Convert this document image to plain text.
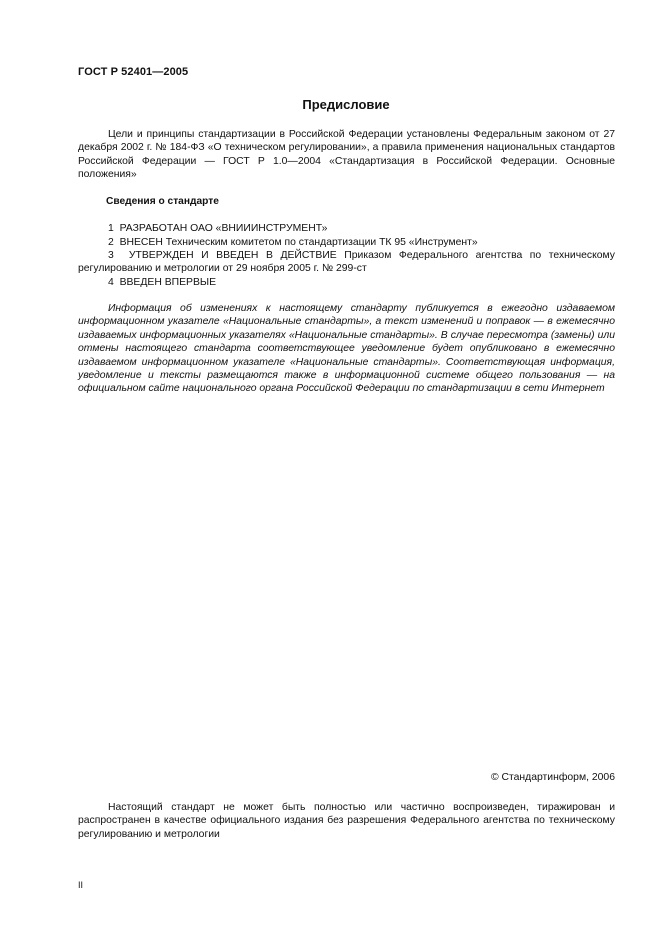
ГОСТ Р 52401—2005
Предисловие

Цели и принципы стандартизации в Российской Федерации установлены Федеральным законом от 27 декабря 2002 г. № 184-ФЗ «О техническом регулировании», а правила применения национальных стандартов Российской Федерации — ГОСТ Р 1.0—2004 «Стандартизация в Российской Федерации. Основные положения»

Сведения о стандарте
1 РАЗРАБОТАН ОАО «ВНИИИНСТРУМЕНТ»
2 ВНЕСЕН Техническим комитетом по стандартизации ТК 95 «Инструмент»
3 УТВЕРЖДЕН И ВВЕДЕН В ДЕЙСТВИЕ Приказом Федерального агентства по техническому регулированию и метрологии от 29 ноября 2005 г. № 299-ст
4 ВВЕДЕН ВПЕРВЫЕ

Информация об изменениях к настоящему стандарту публикуется в ежегодно издаваемом информационном указателе «Национальные стандарты», а текст изменений и поправок — в ежемесячно издаваемых информационных указателях «Национальные стандарты». В случае пересмотра (замены) или отмены настоящего стандарта соответствующее уведомление будет опубликовано в ежемесячно издаваемом информационном указателе «Национальные стандарты». Соответствующая информация, уведомление и тексты размещаются также в информационной системе общего пользования — на официальном сайте национального органа Российской Федерации по стандартизации в сети Интернет

© Стандартинформ, 2006

Настоящий стандарт не может быть полностью или частично воспроизведен, тиражирован и распространен в качестве официального издания без разрешения Федерального агентства по техническому регулированию и метрологии

II
